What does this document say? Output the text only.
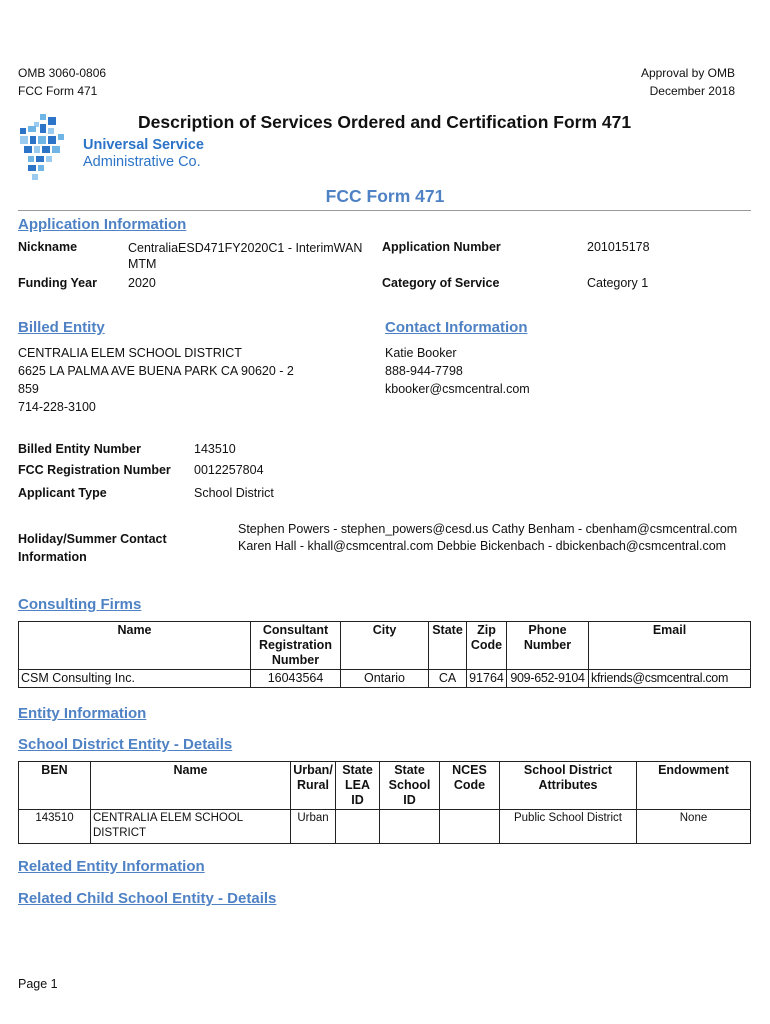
OMB 3060-0806
FCC Form 471
Approval by OMB
December 2018
Universal Service
Administrative Co.
Description of Services Ordered and Certification Form 471
FCC Form 471
Application Information
Nickname	CentraliaESD471FY2020C1 - InterimWAN MTM
Application Number	201015178
Funding Year 2020	Category of Service	Category 1
Billed Entity
CENTRALIA ELEM SCHOOL DISTRICT
6625 LA PALMA AVE BUENA PARK CA 90620 - 2
859
714-228-3100
Contact Information
Katie Booker
888-944-7798
kbooker@csmcentral.com
Billed Entity Number	143510
FCC Registration Number 0012257804
Applicant Type	School District
Holiday/Summer Contact Information
Stephen Powers - stephen_powers@cesd.us Cathy Benham - cbenham@csmcentral.com
Karen Hall - khall@csmcentral.com Debbie Bickenbach - dbickenbach@csmcentral.com
Consulting Firms
Name	Consultant Registration Number	City	State	Zip Code	Phone Number	Email
CSM Consulting Inc.	16043564	Ontario	CA	91764	909-652-9104	kfriends@csmcentral.com
Entity Information
School District Entity - Details
BEN	Name	Urban/ Rural	State LEA ID	State School ID	NCES Code	School District Attributes	Endowment
143510	CENTRALIA ELEM SCHOOL DISTRICT	Urban				Public School District	None
Related Entity Information
Related Child School Entity - Details
Page 1
